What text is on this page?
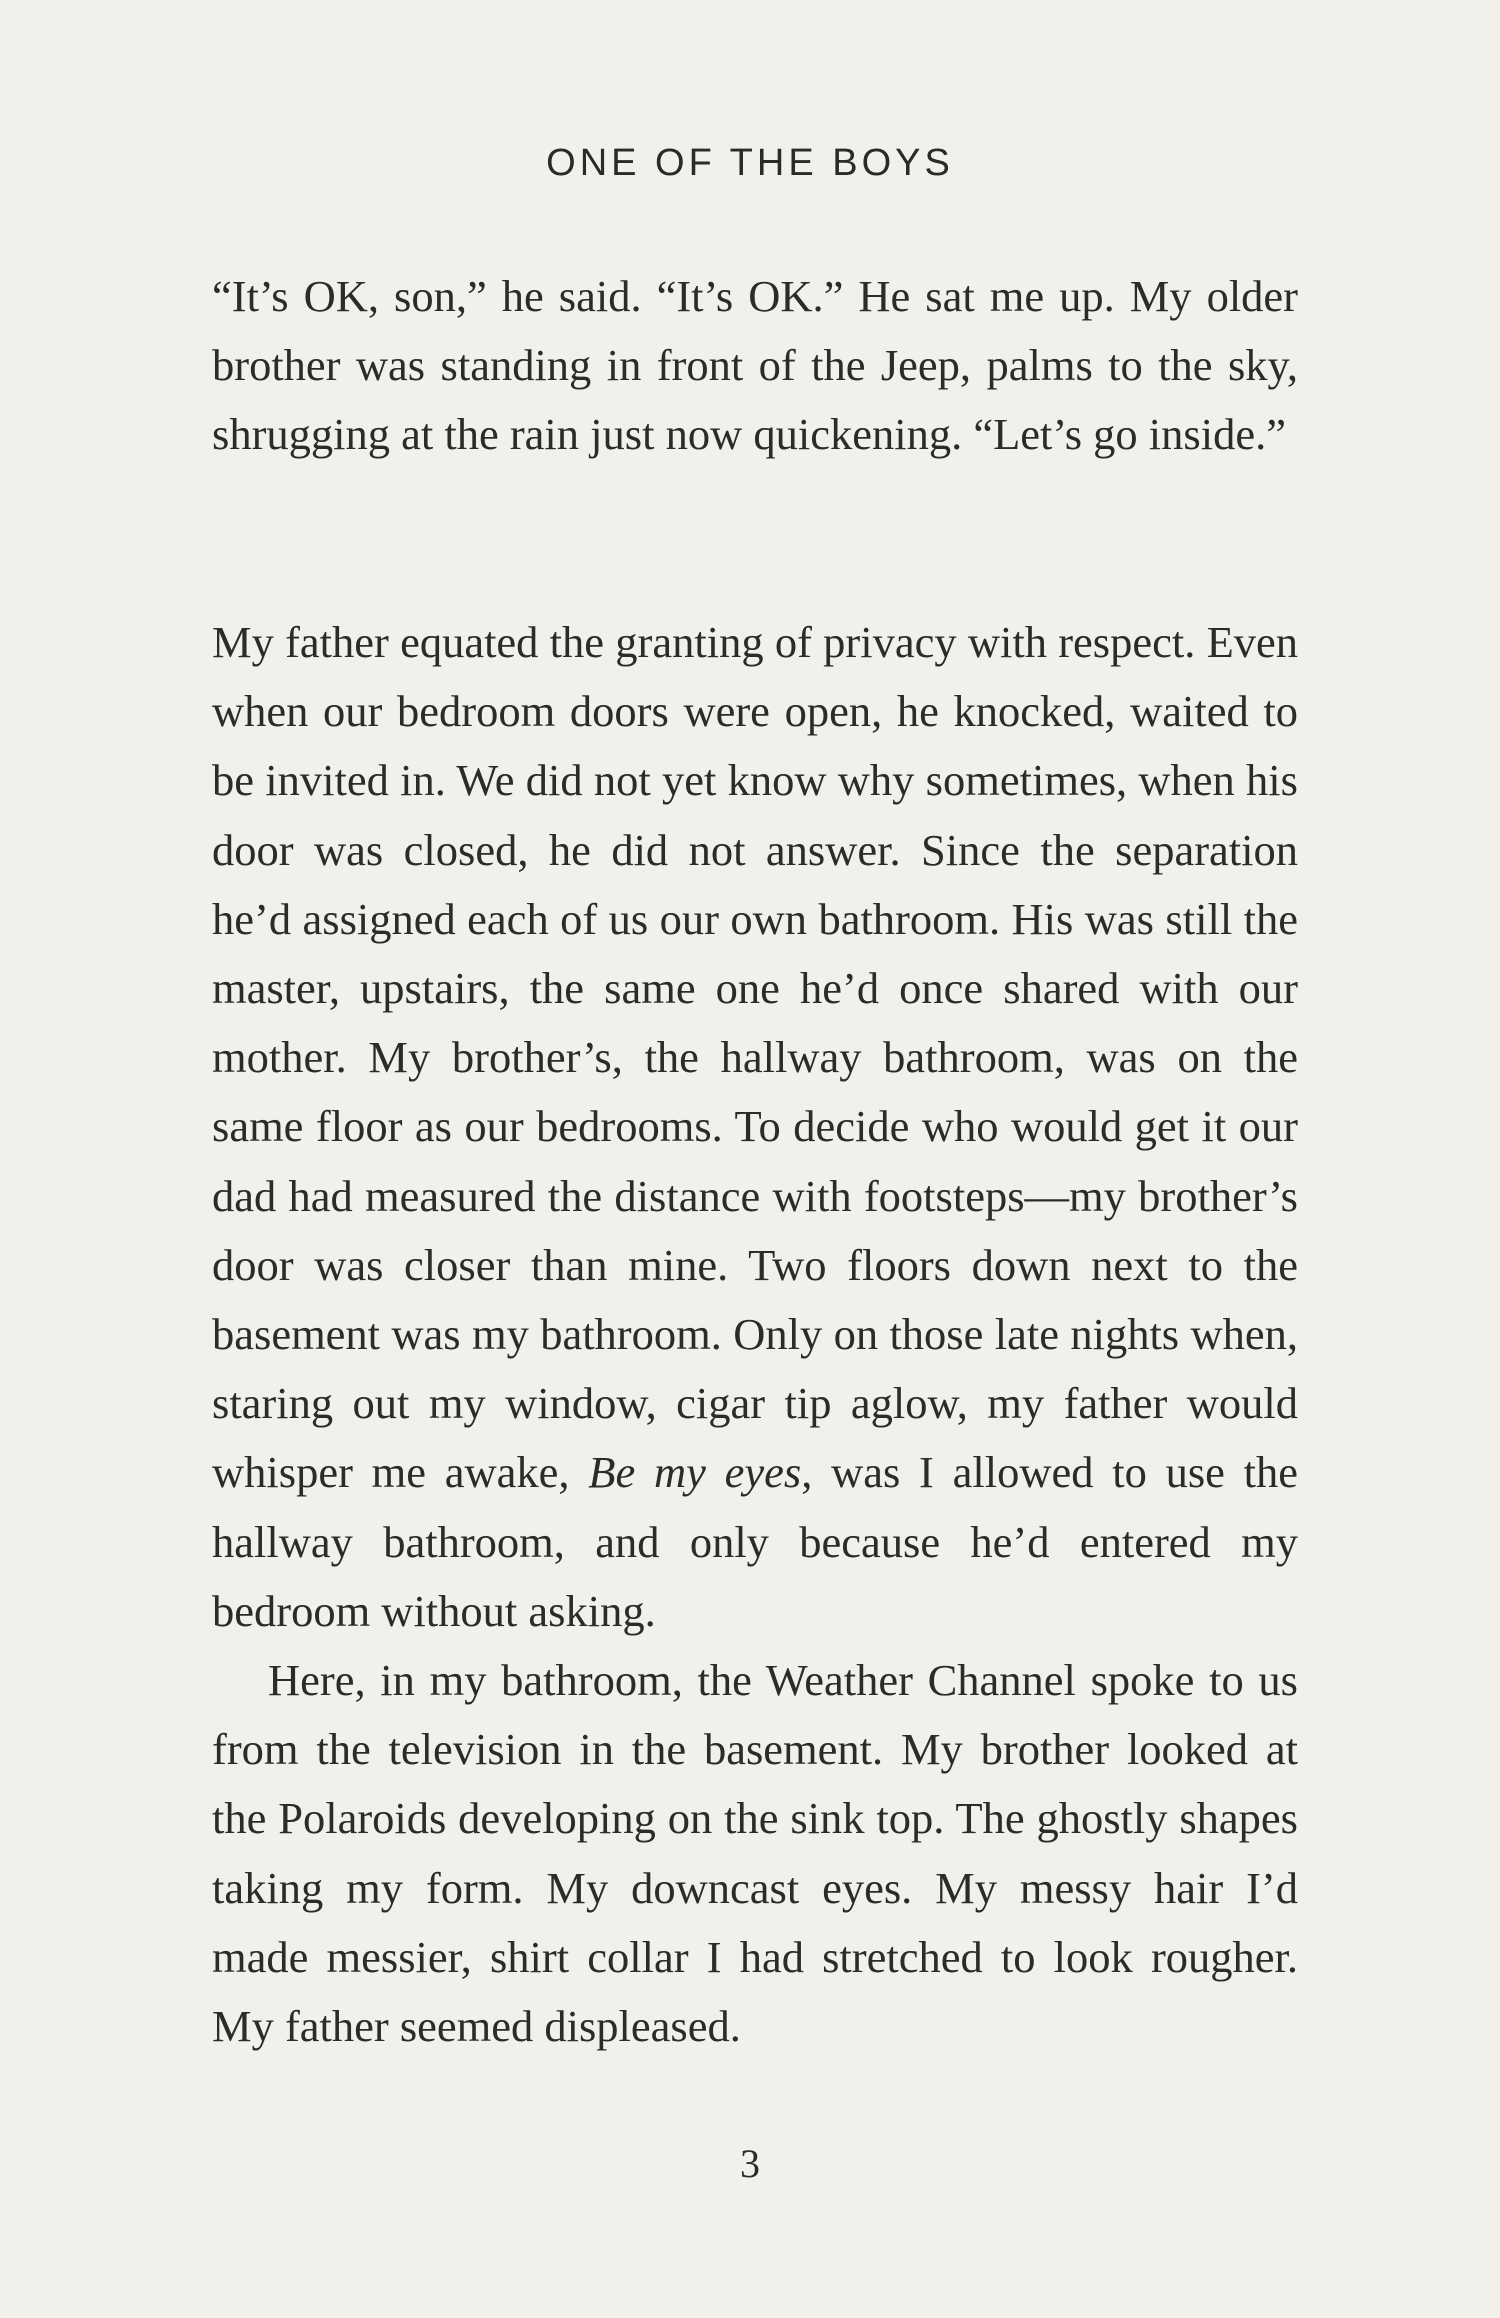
ONE OF THE BOYS

“It’s OK, son,” he said. “It’s OK.” He sat me up. My older brother was standing in front of the Jeep, palms to the sky, shrugging at the rain just now quickening. “Let’s go inside.”

My father equated the granting of privacy with respect. Even when our bedroom doors were open, he knocked, waited to be invited in. We did not yet know why sometimes, when his door was closed, he did not answer. Since the separation he’d assigned each of us our own bathroom. His was still the master, upstairs, the same one he’d once shared with our mother. My brother’s, the hallway bathroom, was on the same floor as our bedrooms. To decide who would get it our dad had measured the distance with footsteps—my brother’s door was closer than mine. Two floors down next to the basement was my bathroom. Only on those late nights when, staring out my window, cigar tip aglow, my father would whisper me awake, Be my eyes, was I allowed to use the hallway bathroom, and only because he’d entered my bedroom without asking.

Here, in my bathroom, the Weather Channel spoke to us from the television in the basement. My brother looked at the Polaroids developing on the sink top. The ghostly shapes taking my form. My downcast eyes. My messy hair I’d made messier, shirt collar I had stretched to look rougher. My father seemed displeased.

3
